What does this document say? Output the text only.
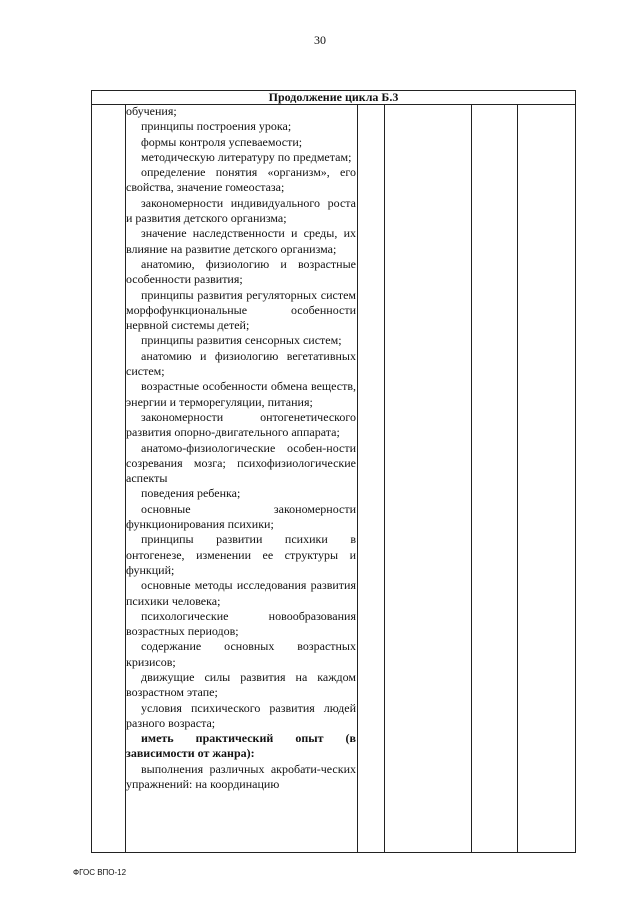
30
Продолжение цикла Б.3

обучения;

принципы построения урока;

формы контроля успеваемости;

методическую литературу по предметам;

определение понятия «организм», его свойства, значение гомеостаза;

закономерности индивидуального роста и развития детского организма;

значение наследственности и среды, их влияние на развитие детского организма;

анатомию, физиологию и возрастные особенности развития;

принципы развития регуляторных систем морфофункциональные особенности нервной системы детей;

принципы развития сенсорных систем;

анатомию и физиологию вегетативных систем;

возрастные особенности обмена веществ, энергии и терморегуляции, питания;

закономерности онтогенетического развития опорно-двигательного аппарата;

анатомо-физиологические особен-ности созревания мозга; психофизиологические аспекты

поведения ребенка;

основные закономерности функционирования психики;

принципы развитии психики в онтогенезе, изменении ее структуры и функций;

основные методы исследования развития психики человека;

психологические новообразования возрастных периодов;

содержание основных возрастных кризисов;

движущие силы развития на каждом возрастном этапе;

условия психического развития людей разного возраста;

иметь практический опыт (в зависимости от жанра):

выполнения различных акробати-ческих упражнений: на координацию

ФГОС ВПО-12
